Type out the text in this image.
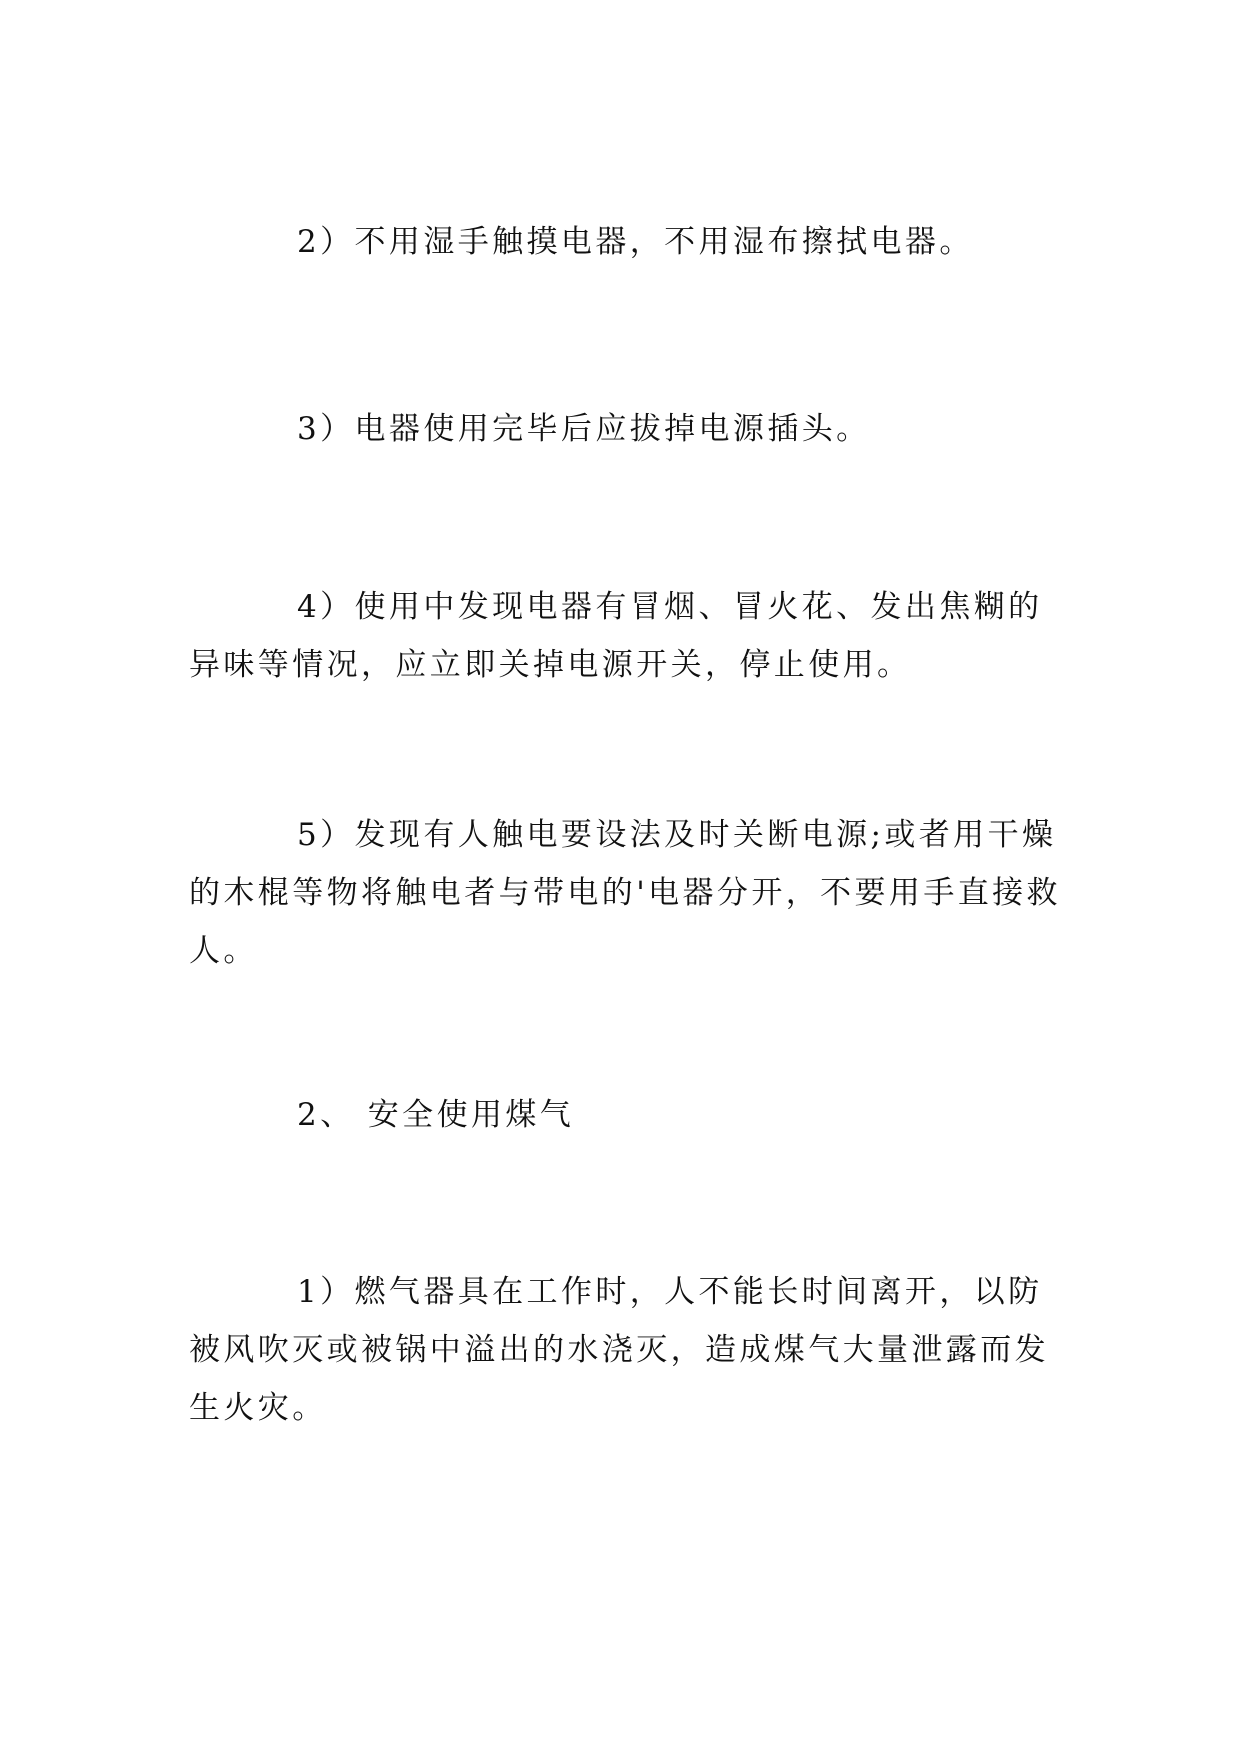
2）不用湿手触摸电器，不用湿布擦拭电器。

3）电器使用完毕后应拔掉电源插头。

4）使用中发现电器有冒烟、冒火花、发出焦糊的异味等情况，应立即关掉电源开关，停止使用。

5）发现有人触电要设法及时关断电源;或者用干燥的木棍等物将触电者与带电的'电器分开，不要用手直接救人。

2、 安全使用煤气

1）燃气器具在工作时，人不能长时间离开，以防被风吹灭或被锅中溢出的水浇灭，造成煤气大量泄露而发生火灾。
